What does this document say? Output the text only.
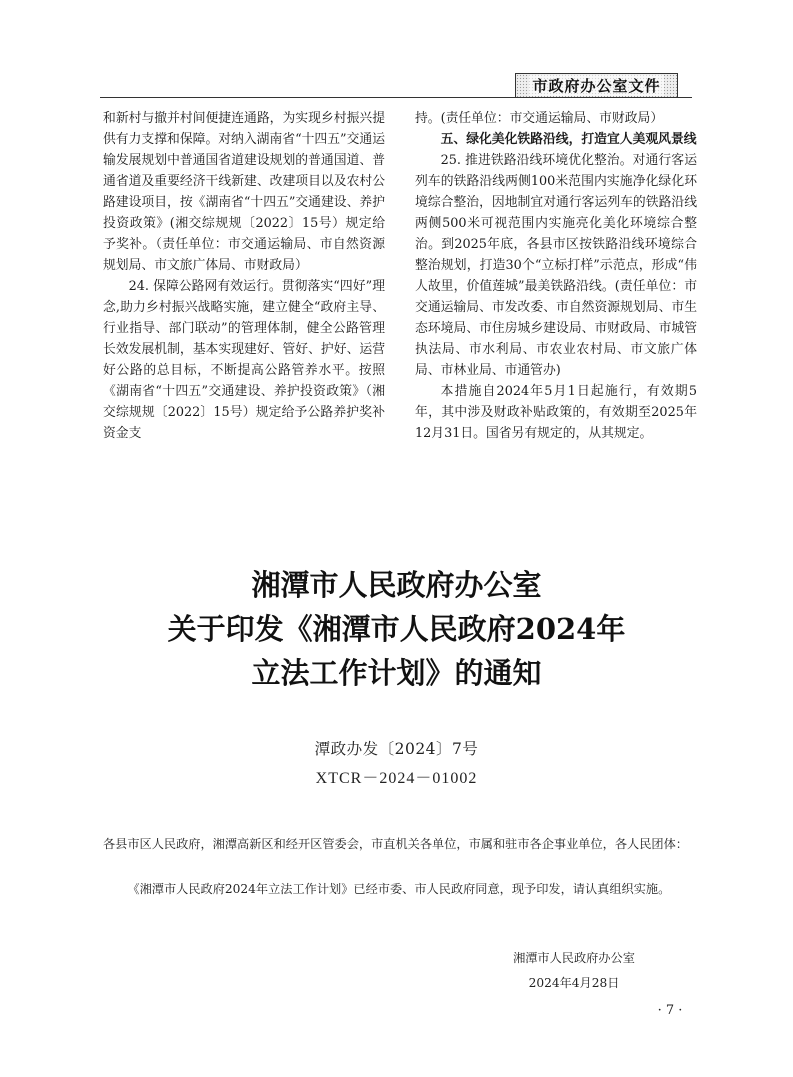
市政府办公室文件

和新村与撤并村间便捷连通路，为实现乡村振兴提供有力支撑和保障。对纳入湖南省“十四五”交通运输发展规划中普通国省道建设规划的普通国道、普通省道及重要经济干线新建、改建项目以及农村公路建设项目，按《湖南省“十四五”交通建设、养护投资政策》(湘交综规规〔2022〕15号）规定给予奖补。（责任单位：市交通运输局、市自然资源规划局、市文旅广体局、市财政局）

24. 保障公路网有效运行。贯彻落实“四好”理念,助力乡村振兴战略实施，建立健全“政府主导、行业指导、部门联动”的管理体制，健全公路管理长效发展机制，基本实现建好、管好、护好、运营好公路的总目标，不断提高公路管养水平。按照《湖南省“十四五”交通建设、养护投资政策》（湘交综规规〔2022〕15号）规定给予公路养护奖补资金支

持。(责任单位：市交通运输局、市财政局）

五、绿化美化铁路沿线，打造宜人美观风景线

25. 推进铁路沿线环境优化整治。对通行客运列车的铁路沿线两侧100米范围内实施净化绿化环境综合整治，因地制宜对通行客运列车的铁路沿线两侧500米可视范围内实施亮化美化环境综合整治。到2025年底，各县市区按铁路沿线环境综合整治规划，打造30个“立标打样”示范点，形成“伟人故里，价值莲城”最美铁路沿线。(责任单位：市交通运输局、市发改委、市自然资源规划局、市生态环境局、市住房城乡建设局、市财政局、市城管执法局、市水利局、市农业农村局、市文旅广体局、市林业局、市通管办)

本措施自2024年5月1日起施行，有效期5年，其中涉及财政补贴政策的，有效期至2025年12月31日。国省另有规定的，从其规定。

湘潭市人民政府办公室
关于印发《湘潭市人民政府2024年
立法工作计划》的通知
潭政办发〔2024〕7号
XTCR－2024－01002
各县市区人民政府，湘潭高新区和经开区管委会，市直机关各单位，市属和驻市各企事业单位，各人民团体：
《湘潭市人民政府2024年立法工作计划》已经市委、市人民政府同意，现予印发，请认真组织实施。
湘潭市人民政府办公室
2024年4月28日
· 7 ·
